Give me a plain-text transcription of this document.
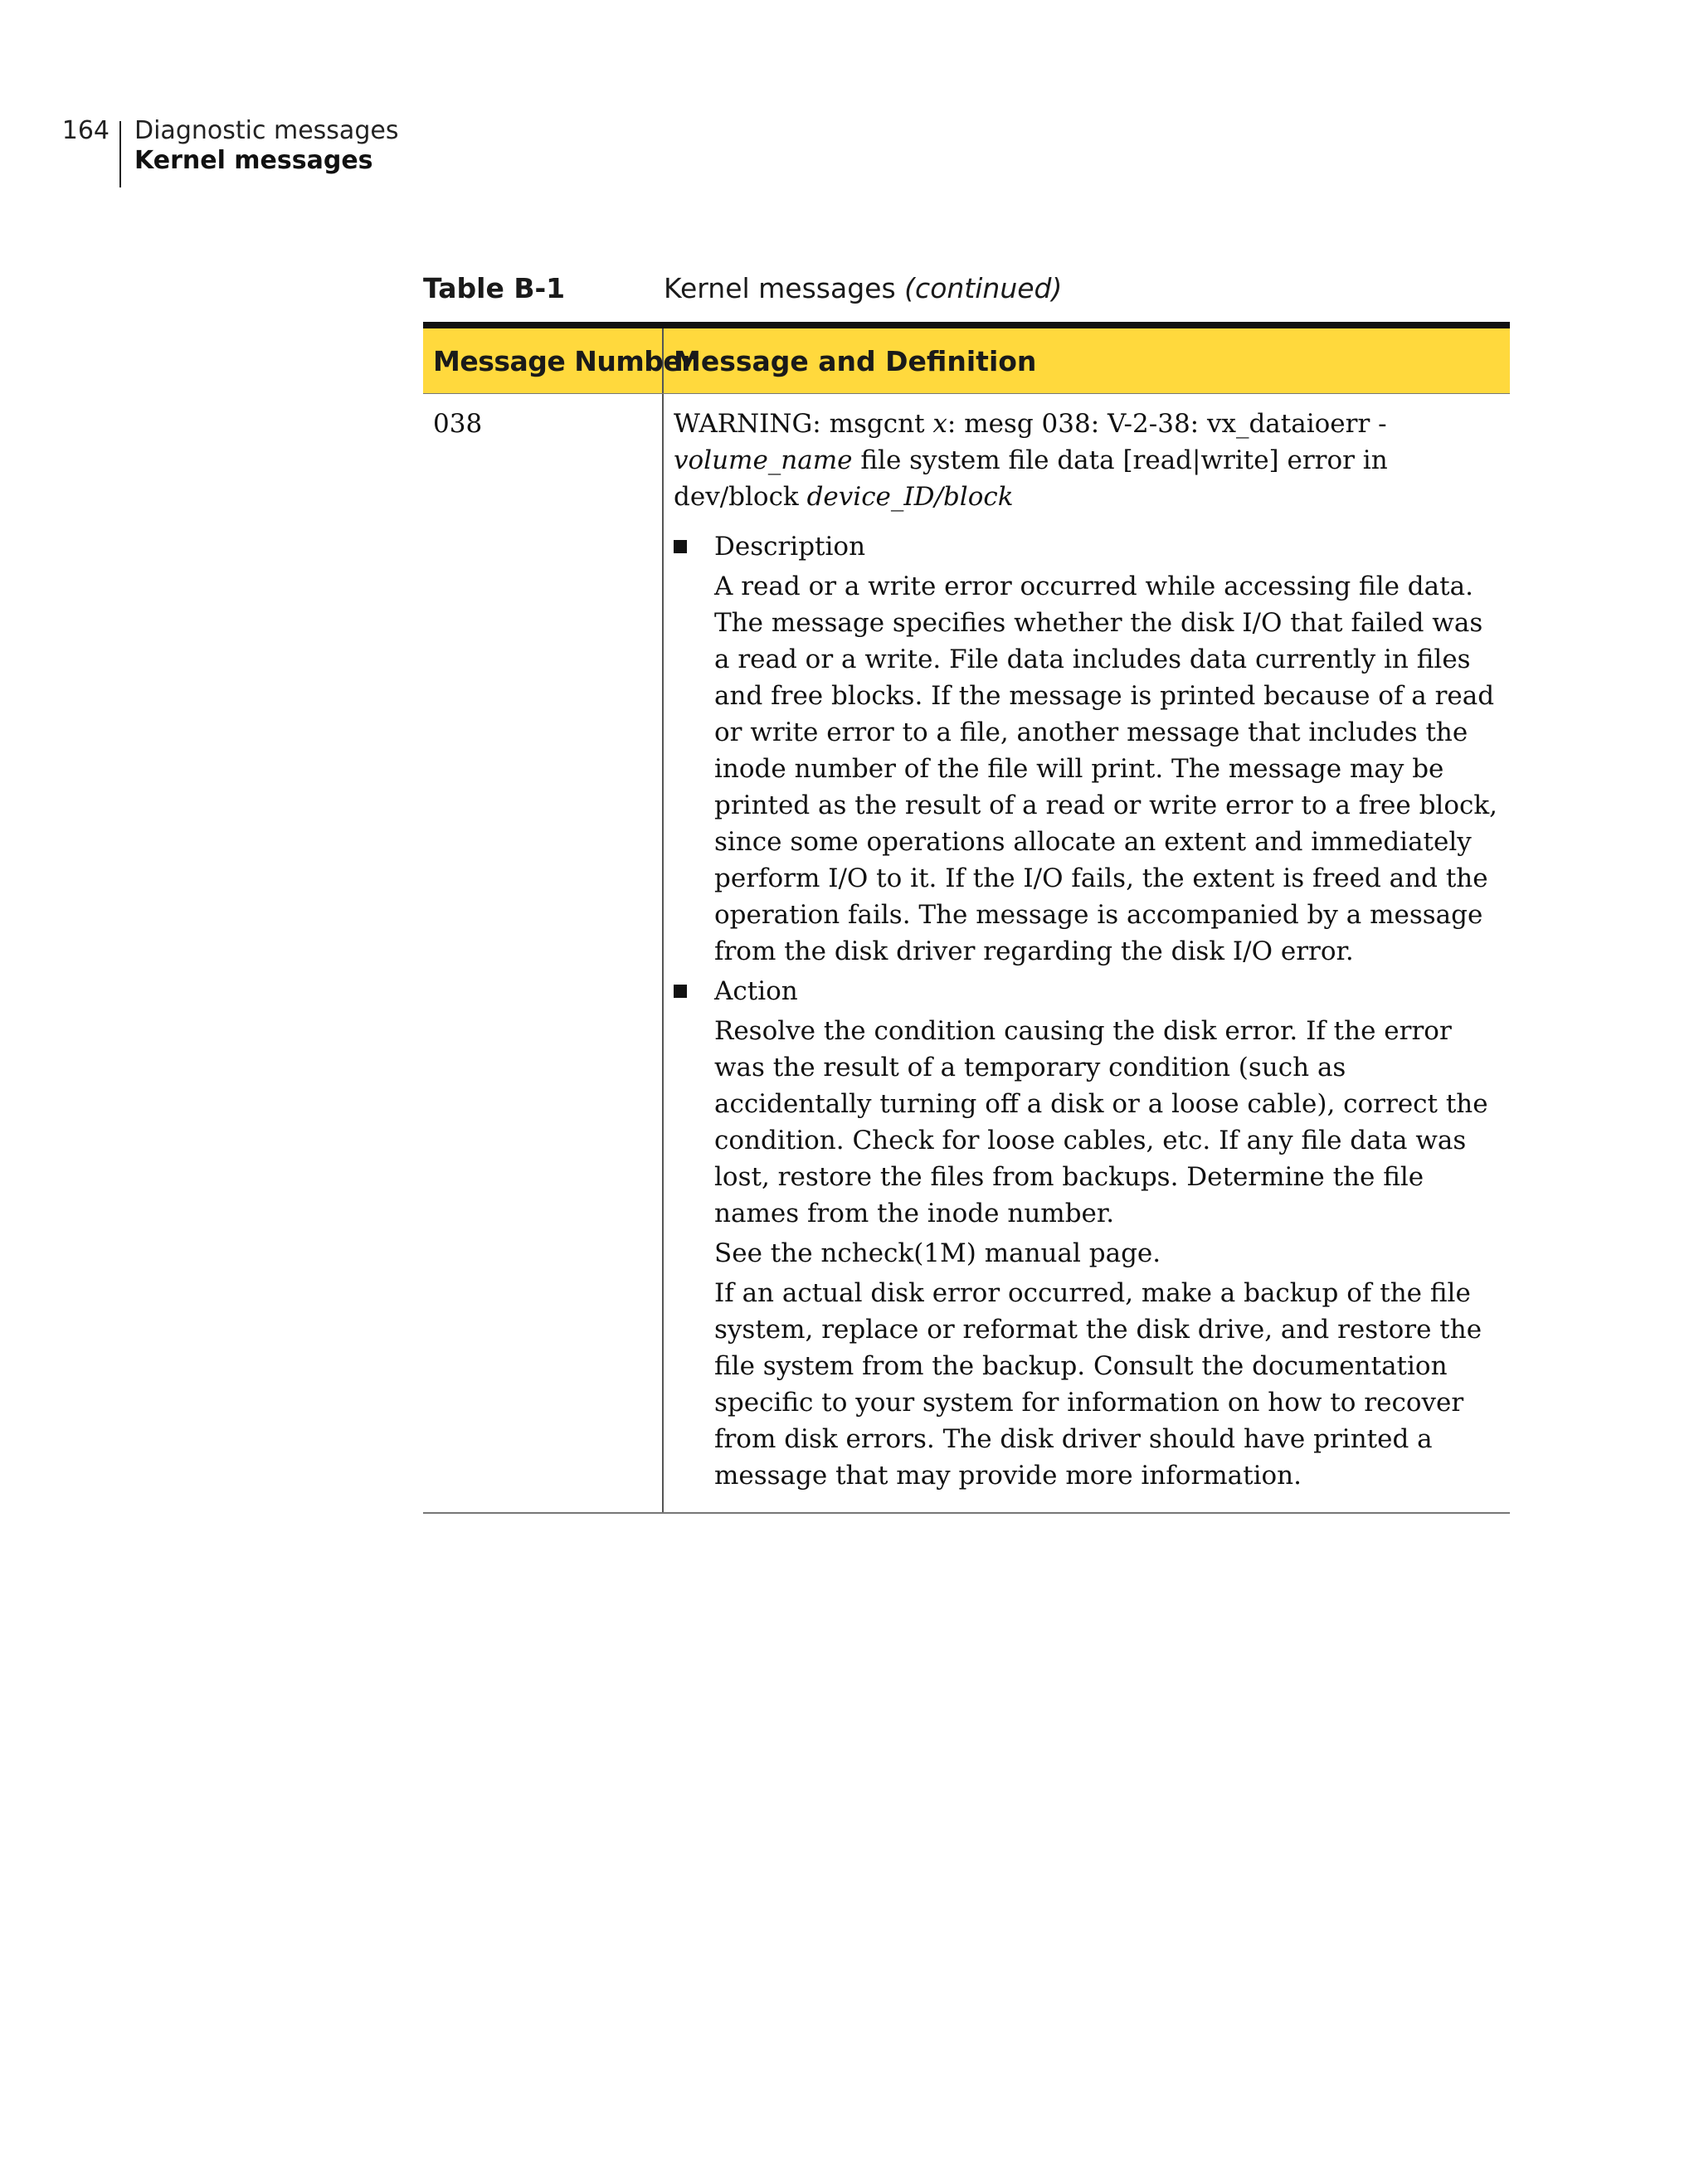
164 Diagnostic messages
Kernel messages
Table B-1	Kernel messages (continued)
Message Number
Message and Definition
038	WARNING: msgcnt x: mesg 038: V-2-38: vx_dataioerr - volume_name file system file data [read|write] error in dev/block device_ID/block

Description

A read or a write error occurred while accessing file data. The message specifies whether the disk I/O that failed was a read or a write. File data includes data currently in files and free blocks. If the message is printed because of a read or write error to a file, another message that includes the inode number of the file will print. The message may be printed as the result of a read or write error to a free block, since some operations allocate an extent and immediately perform I/O to it. If the I/O fails, the extent is freed and the operation fails. The message is accompanied by a message from the disk driver regarding the disk I/O error.

Action

Resolve the condition causing the disk error. If the error was the result of a temporary condition (such as accidentally turning off a disk or a loose cable), correct the condition. Check for loose cables, etc. If any file data was lost, restore the files from backups. Determine the file names from the inode number.

See the ncheck(1M) manual page.

If an actual disk error occurred, make a backup of the file system, replace or reformat the disk drive, and restore the file system from the backup. Consult the documentation specific to your system for information on how to recover from disk errors. The disk driver should have printed a message that may provide more information.
